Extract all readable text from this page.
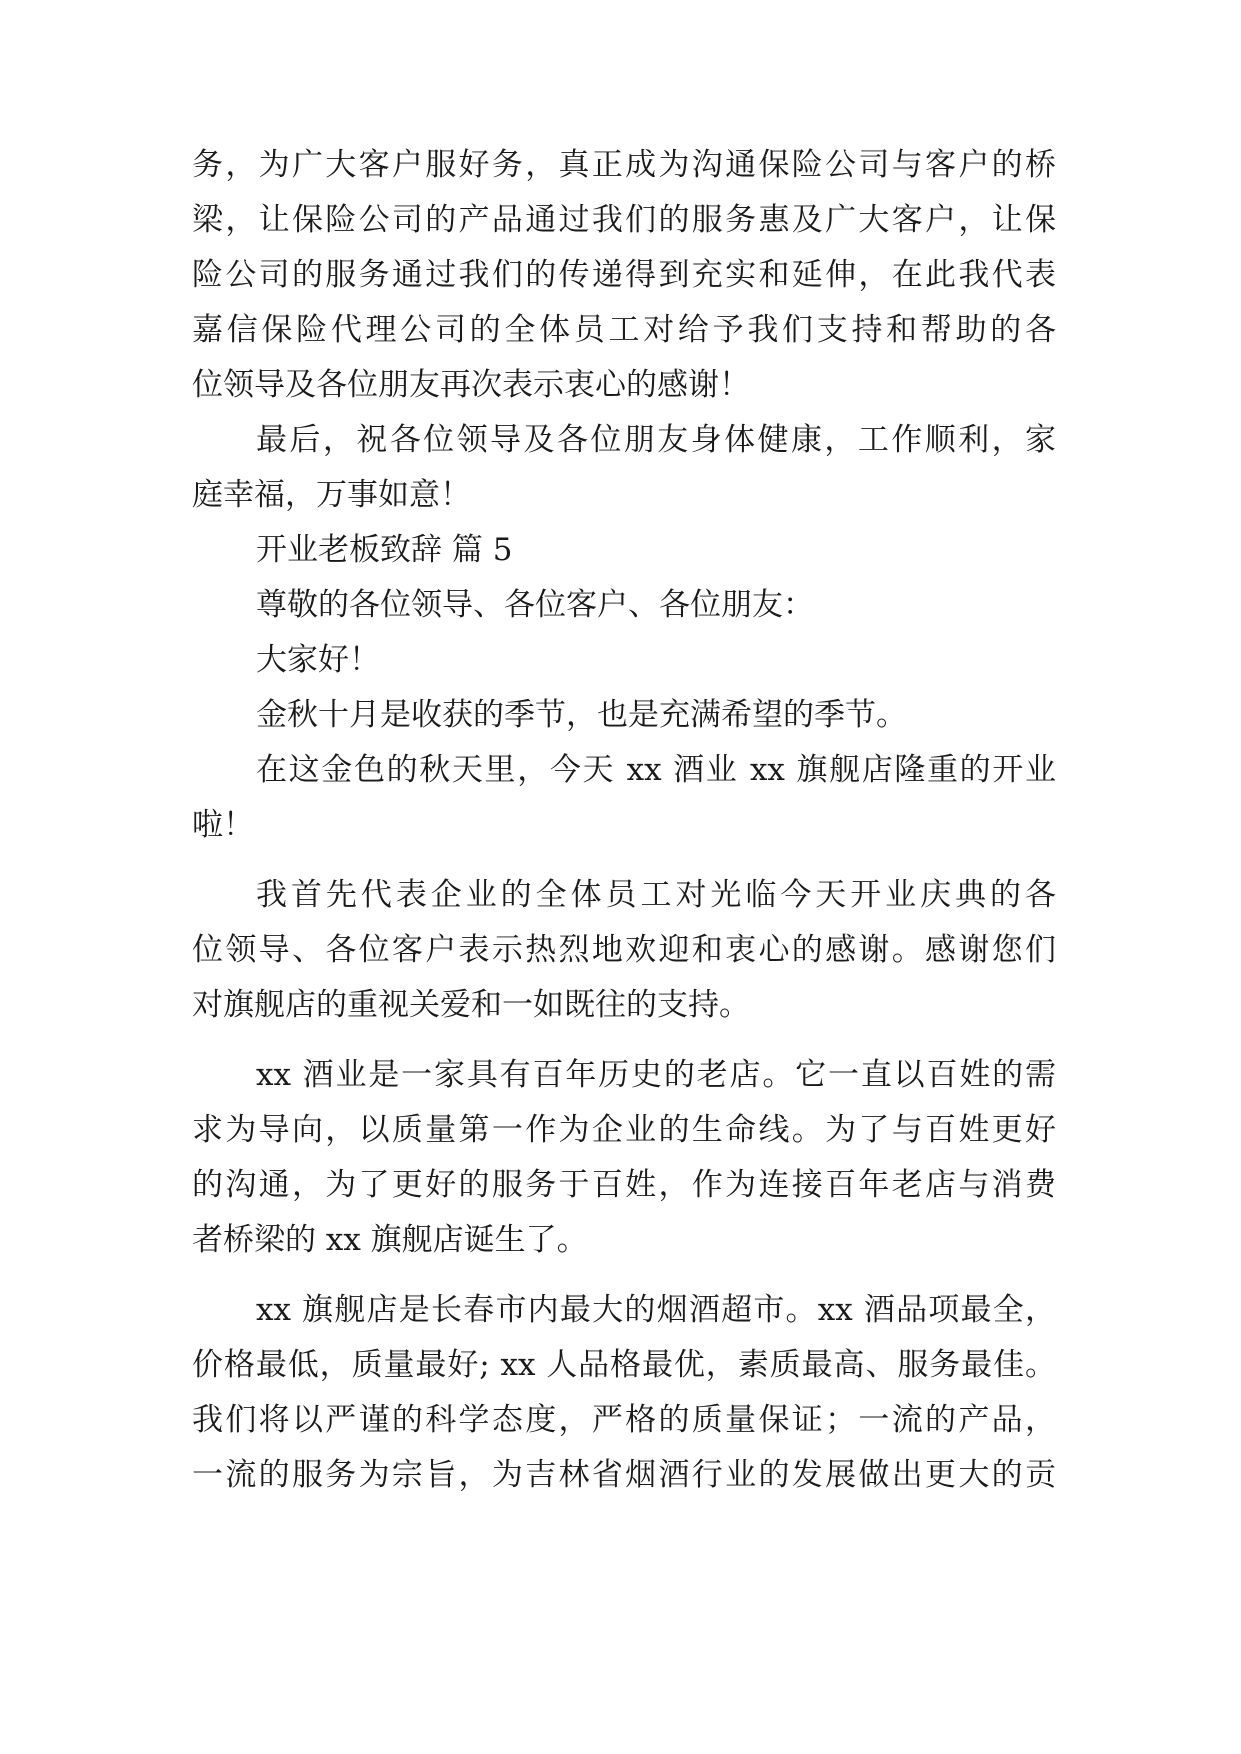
务，为广大客户服好务，真正成为沟通保险公司与客户的桥
梁，让保险公司的产品通过我们的服务惠及广大客户，让保
险公司的服务通过我们的传递得到充实和延伸，在此我代表
嘉信保险代理公司的全体员工对给予我们支持和帮助的各
位领导及各位朋友再次表示衷心的感谢！
最后，祝各位领导及各位朋友身体健康，工作顺利，家
庭幸福，万事如意！
开业老板致辞 篇 5
尊敬的各位领导、各位客户、各位朋友：
大家好！
金秋十月是收获的季节，也是充满希望的季节。
在这金色的秋天里，今天 xx 酒业 xx 旗舰店隆重的开业
啦！
我首先代表企业的全体员工对光临今天开业庆典的各
位领导、各位客户表示热烈地欢迎和衷心的感谢。感谢您们
对旗舰店的重视关爱和一如既往的支持。
xx 酒业是一家具有百年历史的老店。它一直以百姓的需
求为导向，以质量第一作为企业的生命线。为了与百姓更好
的沟通，为了更好的服务于百姓，作为连接百年老店与消费
者桥梁的 xx 旗舰店诞生了。
xx 旗舰店是长春市内最大的烟酒超市。xx 酒品项最全，
价格最低，质量最好; xx 人品格最优，素质最高、服务最佳。
我们将以严谨的科学态度，严格的质量保证；一流的产品，
一流的服务为宗旨，为吉林省烟酒行业的发展做出更大的贡
